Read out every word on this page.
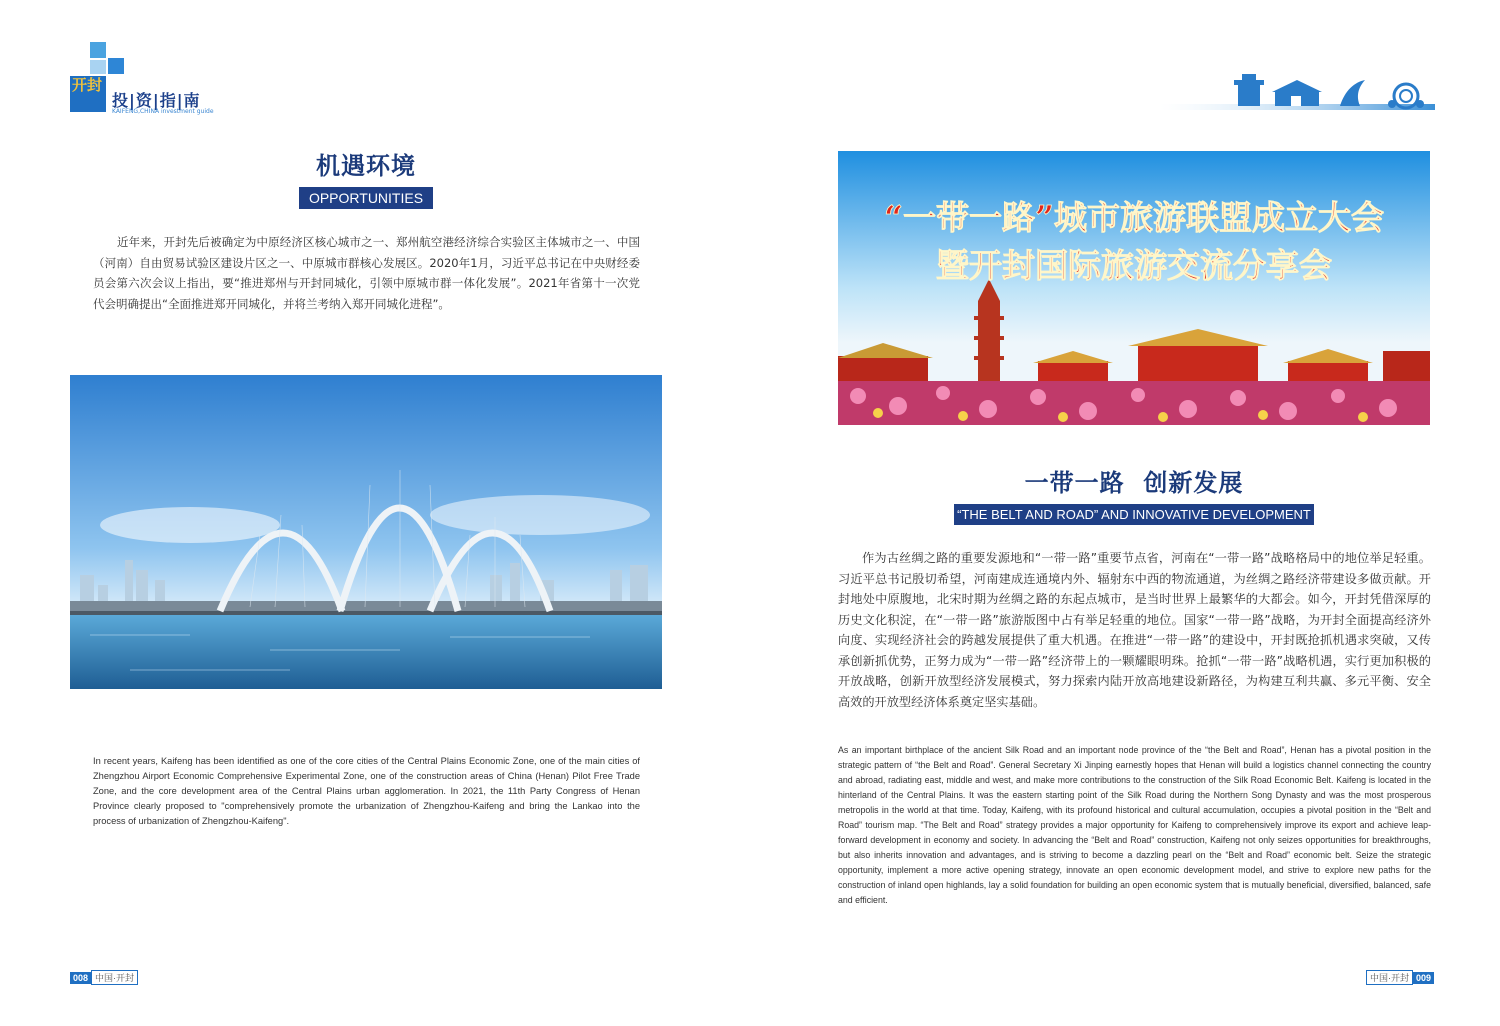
开封
投|资|指|南
KAIFENG,CHINA investment guide
机遇环境
OPPORTUNITIES

近年来，开封先后被确定为中原经济区核心城市之一、郑州航空港经济综合实验区主体城市之一、中国（河南）自由贸易试验区建设片区之一、中原城市群核心发展区。2020年1月，习近平总书记在中央财经委员会第六次会议上指出，要“推进郑州与开封同城化，引领中原城市群一体化发展”。2021年省第十一次党代会明确提出“全面推进郑开同城化，并将兰考纳入郑开同城化进程”。

In recent years, Kaifeng has been identified as one of the core cities of the Central Plains Economic Zone, one of the main cities of Zhengzhou Airport Economic Comprehensive Experimental Zone, one of the construction areas of China (Henan) Pilot Free Trade Zone, and the core development area of the Central Plains urban agglomeration. In 2021, the 11th Party Congress of Henan Province clearly proposed to "comprehensively promote the urbanization of Zhengzhou-Kaifeng and bring the Lankao into the process of urbanization of Zhengzhou-Kaifeng".

008 中国·开封
“一带一路”城市旅游联盟成立大会
暨开封国际旅游交流分享会
一带一路  创新发展
“THE BELT AND ROAD” AND INNOVATIVE DEVELOPMENT

作为古丝绸之路的重要发源地和“一带一路”重要节点省，河南在“一带一路”战略格局中的地位举足轻重。习近平总书记殷切希望，河南建成连通境内外、辐射东中西的物流通道，为丝绸之路经济带建设多做贡献。开封地处中原腹地，北宋时期为丝绸之路的东起点城市，是当时世界上最繁华的大都会。如今，开封凭借深厚的历史文化积淀，在“一带一路”旅游版图中占有举足轻重的地位。国家“一带一路”战略，为开封全面提高经济外向度、实现经济社会的跨越发展提供了重大机遇。在推进“一带一路”的建设中，开封既抢抓机遇求突破，又传承创新抓优势，正努力成为“一带一路”经济带上的一颗耀眼明珠。抢抓“一带一路”战略机遇，实行更加积极的开放战略，创新开放型经济发展模式，努力探索内陆开放高地建设新路径，为构建互利共赢、多元平衡、安全高效的开放型经济体系奠定坚实基础。

As an important birthplace of the ancient Silk Road and an important node province of the “the Belt and Road”, Henan has a pivotal position in the strategic pattern of “the Belt and Road”. General Secretary Xi Jinping earnestly hopes that Henan will build a logistics channel connecting the country and abroad, radiating east, middle and west, and make more contributions to the construction of the Silk Road Economic Belt. Kaifeng is located in the hinterland of the Central Plains. It was the eastern starting point of the Silk Road during the Northern Song Dynasty and was the most prosperous metropolis in the world at that time. Today, Kaifeng, with its profound historical and cultural accumulation, occupies a pivotal position in the “Belt and Road” tourism map. “The Belt and Road” strategy provides a major opportunity for Kaifeng to comprehensively improve its export and achieve leap-forward development in economy and society. In advancing the “Belt and Road” construction, Kaifeng not only seizes opportunities for breakthroughs, but also inherits innovation and advantages, and is striving to become a dazzling pearl on the “Belt and Road” economic belt. Seize the strategic opportunity, implement a more active opening strategy, innovate an open economic development model, and strive to explore new paths for the construction of inland open highlands, lay a solid foundation for building an open economic system that is mutually beneficial, diversified, balanced, safe and efficient.

中国·开封 009
